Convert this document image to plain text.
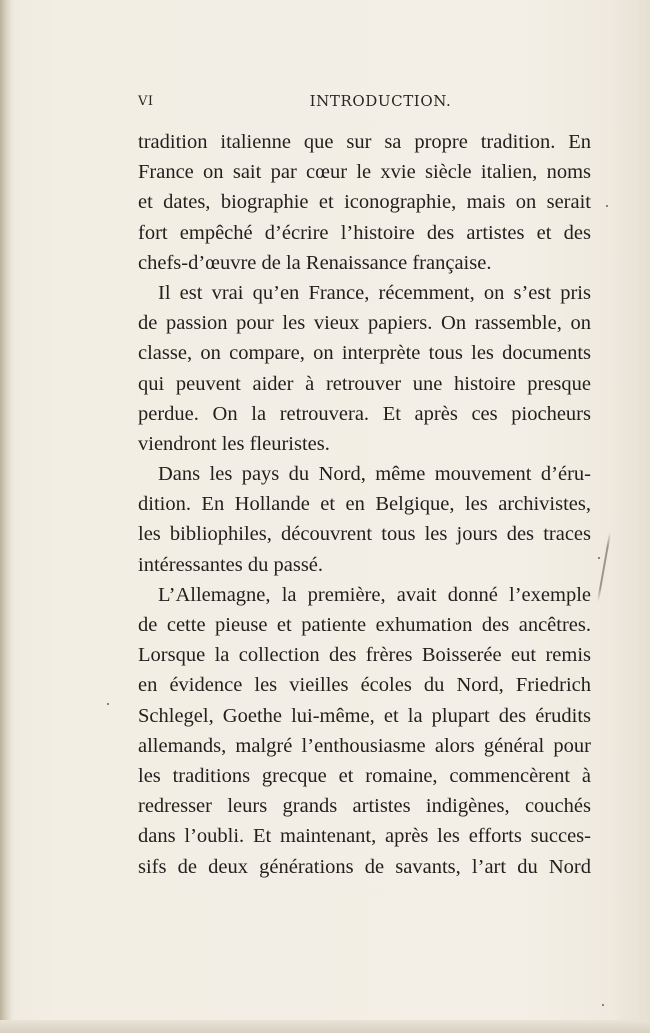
VI	INTRODUCTION.
tradition italienne que sur sa propre tradition. En
France on sait par cœur le xvie siècle italien, noms
et dates, biographie et iconographie, mais on serait
fort empêché d’écrire l’histoire des artistes et des
chefs-d’œuvre de la Renaissance française.
Il est vrai qu’en France, récemment, on s’est pris
de passion pour les vieux papiers. On rassemble, on
classe, on compare, on interprète tous les documents
qui peuvent aider à retrouver une histoire presque
perdue. On la retrouvera. Et après ces piocheurs
viendront les fleuristes.
Dans les pays du Nord, même mouvement d’éru-
dition. En Hollande et en Belgique, les archivistes,
les bibliophiles, découvrent tous les jours des traces
intéressantes du passé.
L’Allemagne, la première, avait donné l’exemple
de cette pieuse et patiente exhumation des ancêtres.
Lorsque la collection des frères Boisserée eut remis
en évidence les vieilles écoles du Nord, Friedrich
Schlegel, Goethe lui-même, et la plupart des érudits
allemands, malgré l’enthousiasme alors général pour
les traditions grecque et romaine, commencèrent à
redresser leurs grands artistes indigènes, couchés
dans l’oubli. Et maintenant, après les efforts succes-
sifs de deux générations de savants, l’art du Nord
